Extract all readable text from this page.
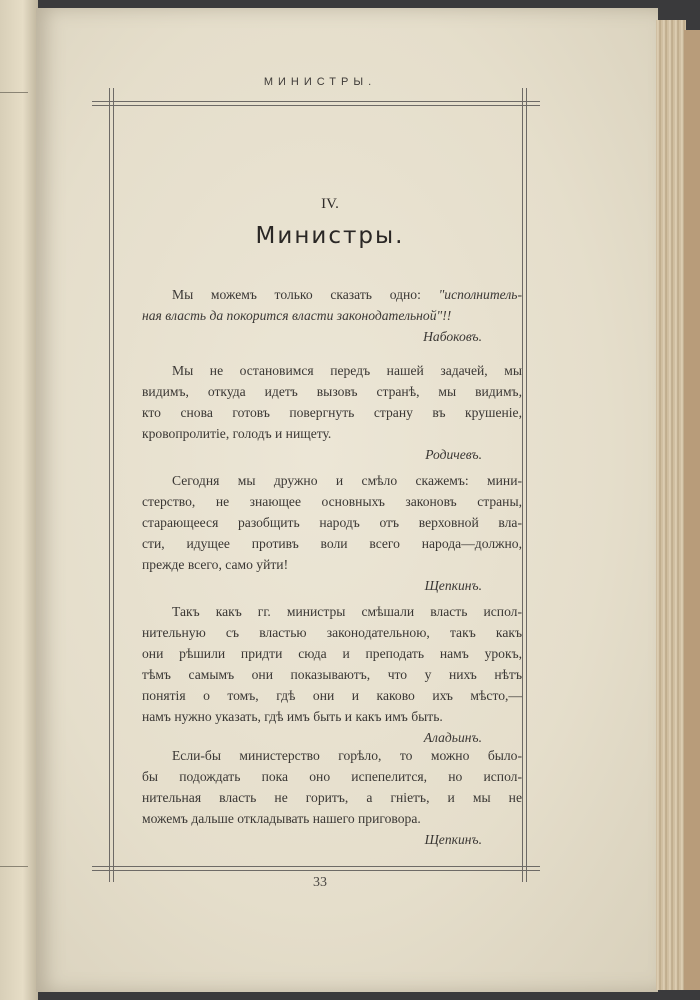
МИНИСТРЫ.
IV.
Министры.
Мы можемъ только сказать одно: "исполнитель-
ная власть да покорится власти законодательной"!!
Набоковъ.
Мы не остановимся передъ нашей задачей, мы
видимъ, откуда идетъ вызовъ странѣ, мы видимъ,
кто снова готовъ повергнуть страну въ крушеніе,
кровопролитіе, голодъ и нищету.
Родичевъ.
Сегодня мы дружно и смѣло скажемъ: мини-
стерство, не знающее основныхъ законовъ страны,
старающееся разобщить народъ отъ верховной вла-
сти, идущее противъ воли всего народа—должно,
прежде всего, само уйти!
Щепкинъ.
Такъ какъ гг. министры смѣшали власть испол-
нительную съ властью законодательною, такъ какъ
они рѣшили придти сюда и преподать намъ урокъ,
тѣмъ самымъ они показываютъ, что у нихъ нѣтъ
понятія о томъ, гдѣ они и каково ихъ мѣсто,—
намъ нужно указать, гдѣ имъ быть и какъ имъ быть.
Аладьинъ.
Если-бы министерство горѣло, то можно было-
бы подождать пока оно испепелится, но испол-
нительная власть не горитъ, а гніетъ, и мы не
можемъ дальше откладывать нашего приговора.
Щепкинъ.
33
